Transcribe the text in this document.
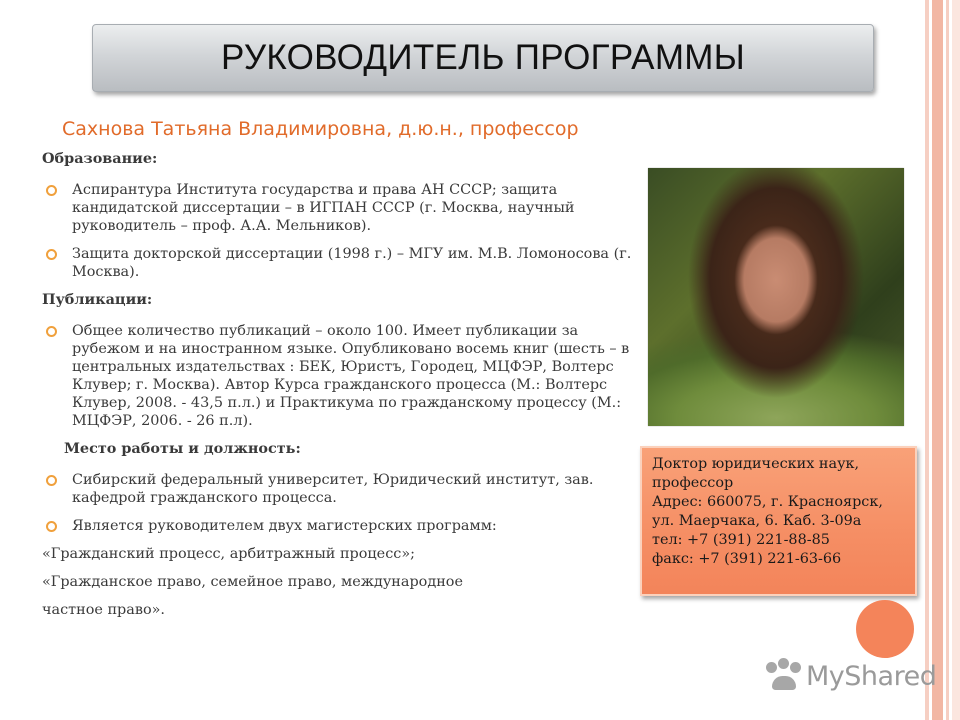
РУКОВОДИТЕЛЬ ПРОГРАММЫ
Сахнова Татьяна Владимировна, д.ю.н., профессор

Образование:

Аспирантура Института государства и права АН СССР; защита кандидатской диссертации – в ИГПАН СССР (г. Москва, научный руководитель – проф. А.А. Мельников).
Защита докторской диссертации (1998 г.) – МГУ им. М.В. Ломоносова (г. Москва).

Публикации:

Общее количество публикаций – около 100. Имеет публикации за рубежом и на иностранном языке. Опубликовано восемь книг (шесть – в центральных издательствах : БЕК, Юристъ, Городец, МЦФЭР, Волтерс Клувер; г. Москва). Автор Курса гражданского процесса (М.: Волтерс Клувер, 2008. - 43,5 п.л.) и Практикума по гражданскому процессу (М.: МЦФЭР, 2006. - 26 п.л).

Место работы и должность:

Сибирский федеральный университет, Юридический институт, зав. кафедрой гражданского процесса.
Является руководителем двух магистерских программ:

«Гражданский процесс, арбитражный процесс»;

«Гражданское право, семейное право, международное

частное право».

Доктор юридических наук,
профессор
Адрес: 660075, г. Красноярск,
ул. Маерчака, 6. Каб. 3-09а
тел: +7 (391) 221-88-85
факс: +7 (391) 221-63-66
MyShared
